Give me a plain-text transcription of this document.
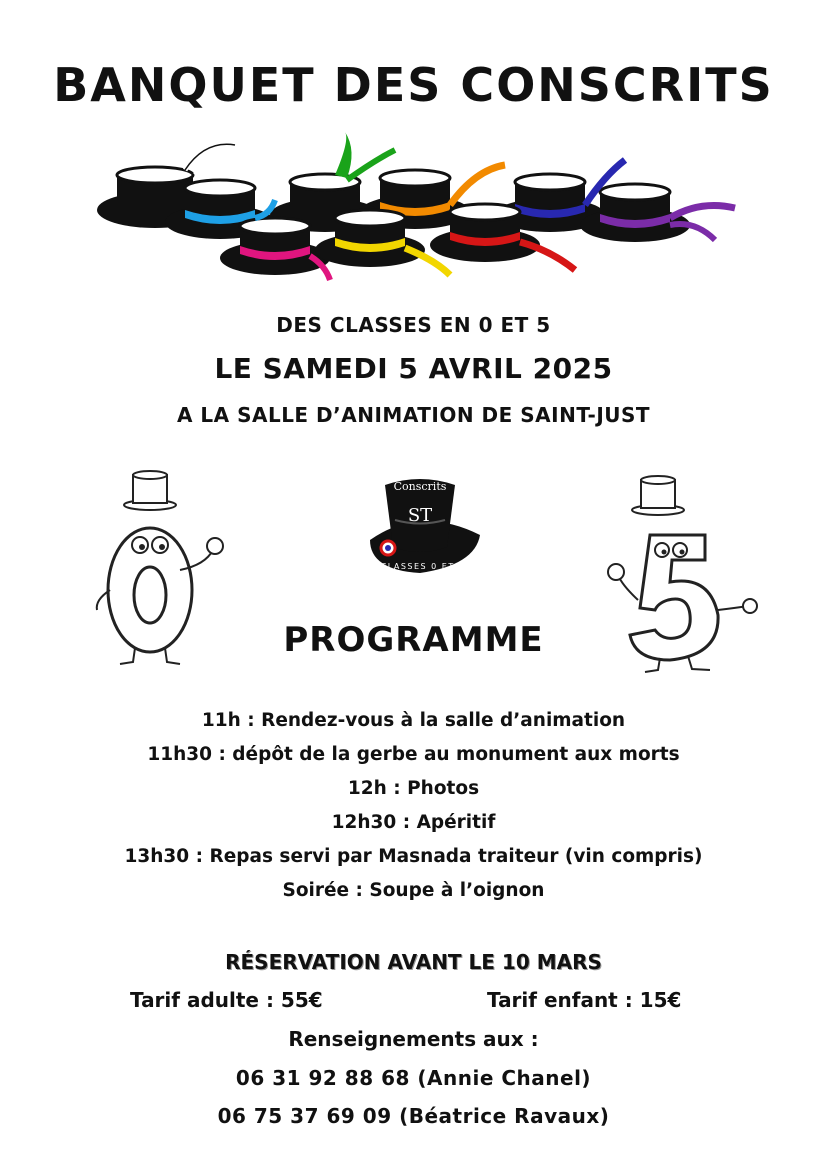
BANQUET DES CONSCRITS
DES CLASSES EN 0 ET 5
LE SAMEDI 5 AVRIL 2025
A LA SALLE D’ANIMATION DE SAINT-JUST
Conscrits
ST
CLASSES 0 ET 5
PROGRAMME
11h : Rendez-vous à la salle d’animation
11h30 : dépôt de la gerbe au monument aux morts
12h : Photos
12h30 : Apéritif
13h30 : Repas servi par Masnada traiteur (vin compris)
Soirée : Soupe à l’oignon
RÉSERVATION AVANT LE 10 MARS
Tarif adulte : 55€	Tarif enfant : 15€
Renseignements aux :
06 31 92 88 68 (Annie Chanel)
06 75 37 69 09 (Béatrice Ravaux)
